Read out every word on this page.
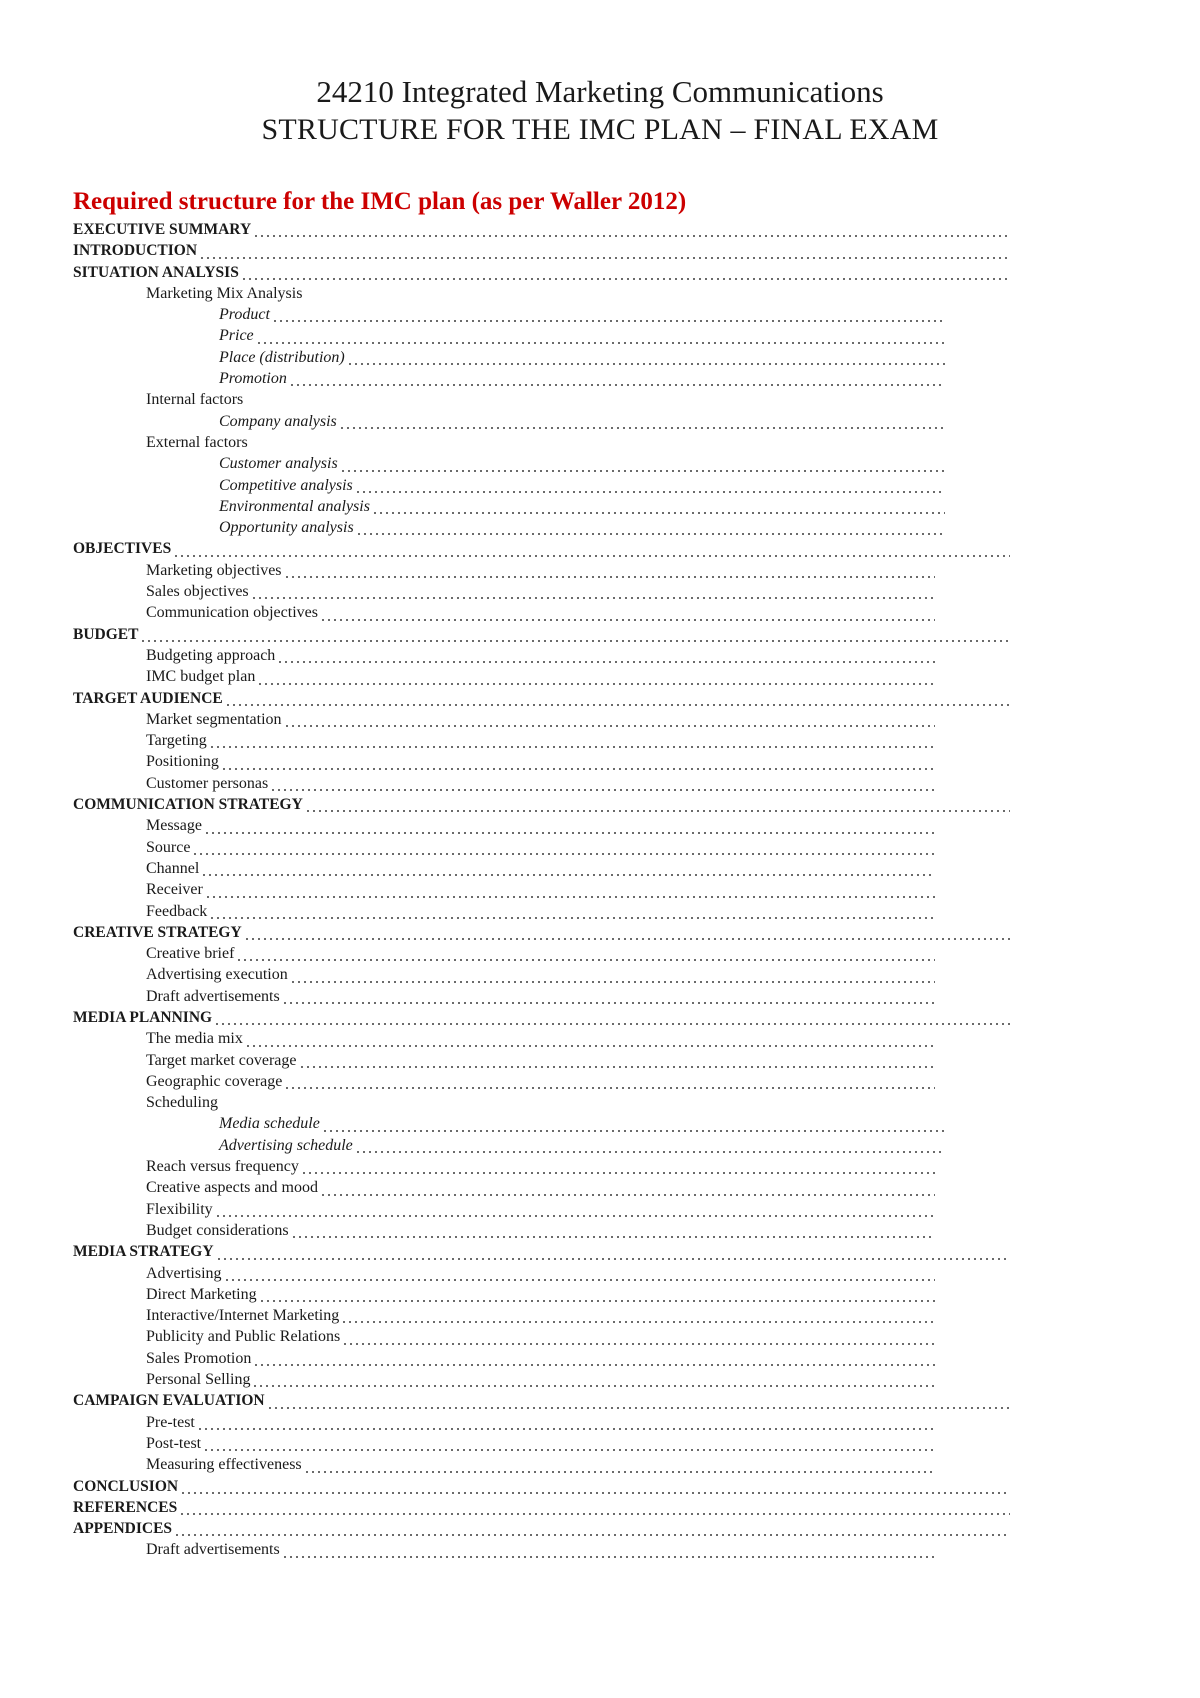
24210 Integrated Marketing Communications
STRUCTURE FOR THE IMC PLAN – FINAL EXAM
Required structure for the IMC plan (as per Waller 2012)
EXECUTIVE SUMMARY
INTRODUCTION
SITUATION ANALYSIS
Marketing Mix Analysis
Product
Price
Place (distribution)
Promotion
Internal factors
Company analysis
External factors
Customer analysis
Competitive analysis
Environmental analysis
Opportunity analysis
OBJECTIVES
Marketing objectives
Sales objectives
Communication objectives
BUDGET
Budgeting approach
IMC budget plan
TARGET AUDIENCE
Market segmentation
Targeting
Positioning
Customer personas
COMMUNICATION STRATEGY
Message
Source
Channel
Receiver
Feedback
CREATIVE STRATEGY
Creative brief
Advertising execution
Draft advertisements
MEDIA PLANNING
The media mix
Target market coverage
Geographic coverage
Scheduling
Media schedule
Advertising schedule
Reach versus frequency
Creative aspects and mood
Flexibility
Budget considerations
MEDIA STRATEGY
Advertising
Direct Marketing
Interactive/Internet Marketing
Publicity and Public Relations
Sales Promotion
Personal Selling
CAMPAIGN EVALUATION
Pre-test
Post-test
Measuring effectiveness
CONCLUSION
REFERENCES
APPENDICES
Draft advertisements
